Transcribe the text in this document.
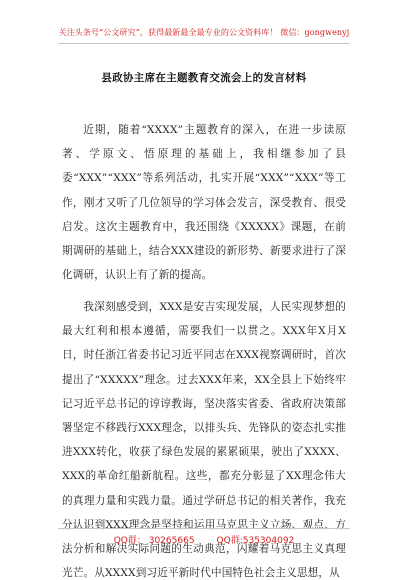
关注头条号“公文研究”，获得最新最全最专业的公文资料库！ 微信：gongwenyj
县政协主席在主题教育交流会上的发言材料

近期，随着“XXXX”主题教育的深入，在进一步读原著、学原文、悟原理的基础上，我相继参加了县委“XXX”“XXX”等系列活动，扎实开展“XXX”“XXX”等工作，刚才又听了几位领导的学习体会发言，深受教育、很受启发。这次主题教育中，我还围绕《XXXXX》课题，在前期调研的基础上，结合XXX建设的新形势、新要求进行了深化调研，认识上有了新的提高。

我深刻感受到，XXX是安吉实现发展，人民实现梦想的最大红利和根本遵循，需要我们一以贯之。XXX年X月X日，时任浙江省委书记习近平同志在XXX视察调研时，首次提出了“XXXXX”理念。过去XXX年来，XX全县上下始终牢记习近平总书记的谆谆教诲，坚决落实省委、省政府决策部署坚定不移践行XXX理念，以排头兵、先锋队的姿态扎实推进XXX转化，收获了绿色发展的累累硕果，驶出了XXXX、XXX的革命红船新航程。这些，都充分彰显了XX理念伟大的真理力量和实践力量。通过学研总书记的相关著作，我充分认识到XXX理念是坚持和运用马克思主义立场、观点、方法分析和解决实际问题的生动典范，闪耀着马克思主义真理光芒。从XXXX到习近平新时代中国特色社会主义思想，从

QQ群： 30265665 QQ群:535304092
